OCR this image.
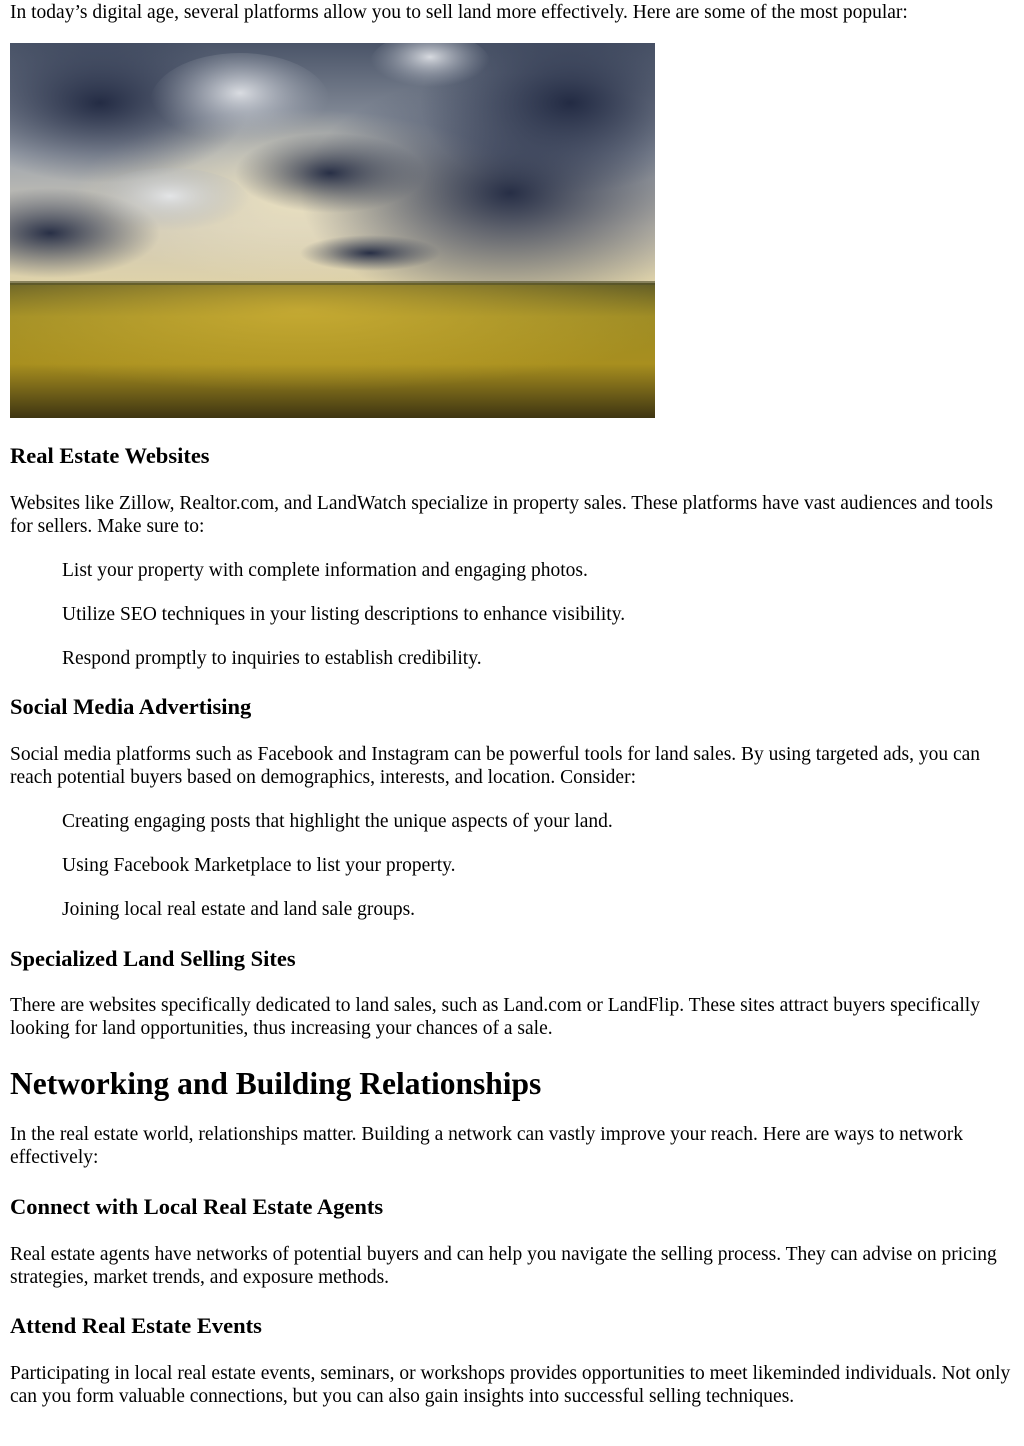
In today’s digital age, several platforms allow you to sell land more effectively. Here are some of the most popular:

Real Estate Websites

Websites like Zillow, Realtor.com, and LandWatch specialize in property sales. These platforms have vast audiences and tools for sellers. Make sure to:

List your property with complete information and engaging photos.
Utilize SEO techniques in your listing descriptions to enhance visibility.
Respond promptly to inquiries to establish credibility.
Social Media Advertising

Social media platforms such as Facebook and Instagram can be powerful tools for land sales. By using targeted ads, you can reach potential buyers based on demographics, interests, and location. Consider:

Creating engaging posts that highlight the unique aspects of your land.
Using Facebook Marketplace to list your property.
Joining local real estate and land sale groups.
Specialized Land Selling Sites

There are websites specifically dedicated to land sales, such as Land.com or LandFlip. These sites attract buyers specifically looking for land opportunities, thus increasing your chances of a sale.

Networking and Building Relationships

In the real estate world, relationships matter. Building a network can vastly improve your reach. Here are ways to network effectively:

Connect with Local Real Estate Agents

Real estate agents have networks of potential buyers and can help you navigate the selling process. They can advise on pricing strategies, market trends, and exposure methods.

Attend Real Estate Events

Participating in local real estate events, seminars, or workshops provides opportunities to meet likeminded individuals. Not only can you form valuable connections, but you can also gain insights into successful selling techniques.
